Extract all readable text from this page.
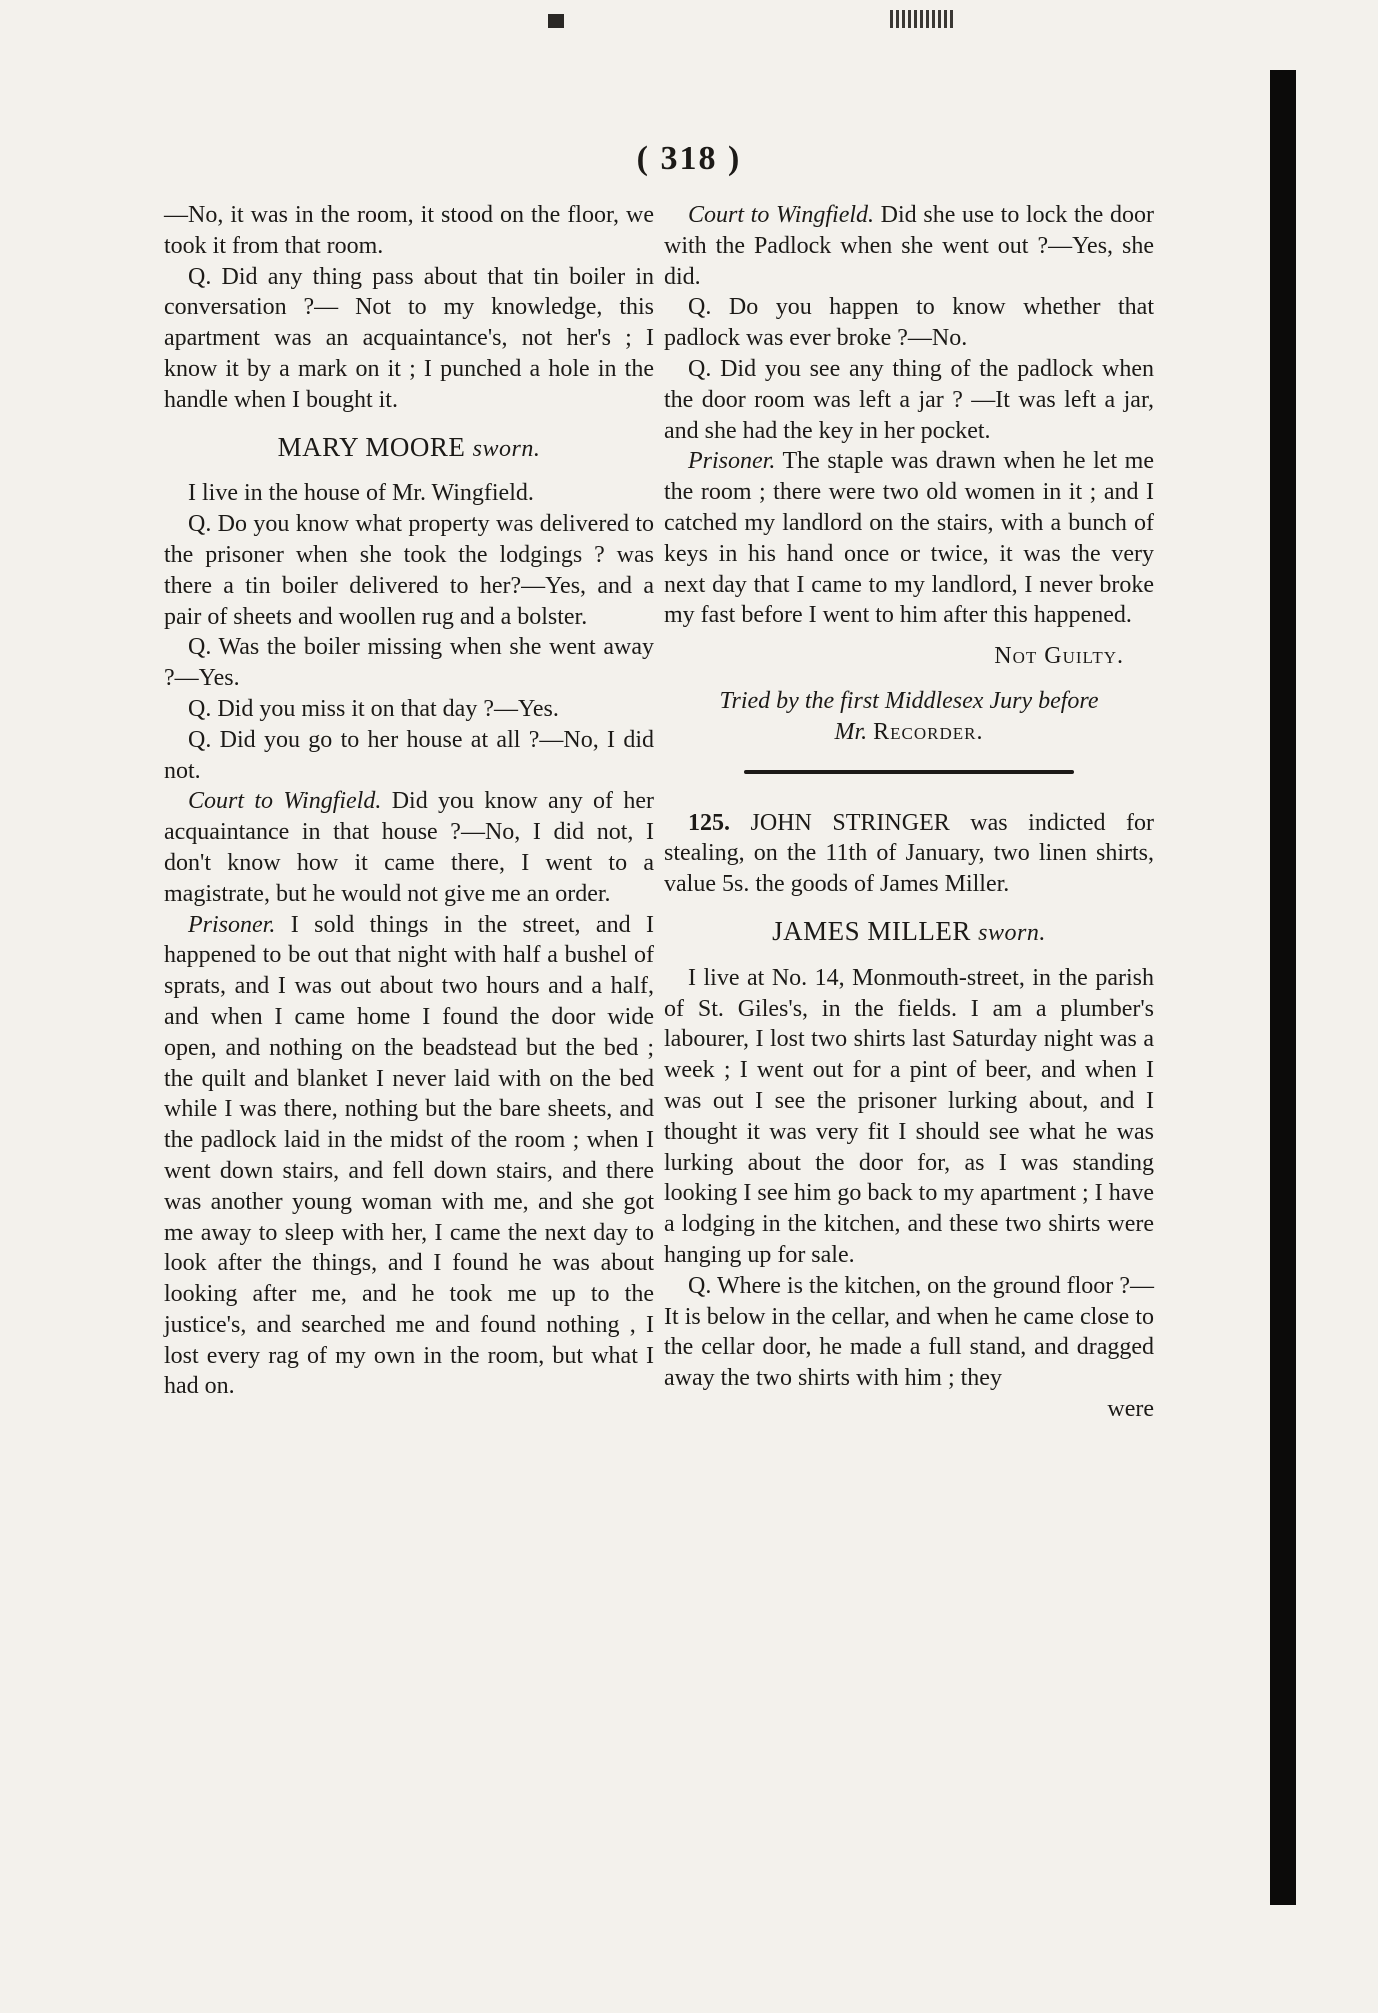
( 318 )

—No, it was in the room, it stood on the floor, we took it from that room.

Q. Did any thing pass about that tin boiler in conversation ?— Not to my knowledge, this apartment was an acquaintance's, not her's ; I know it by a mark on it ; I punched a hole in the handle when I bought it.

MARY MOORE sworn.

I live in the house of Mr. Wingfield.

Q. Do you know what property was delivered to the prisoner when she took the lodgings ? was there a tin boiler delivered to her?—Yes, and a pair of sheets and woollen rug and a bolster.

Q. Was the boiler missing when she went away ?—Yes.

Q. Did you miss it on that day ?—Yes.

Q. Did you go to her house at all ?—No, I did not.

Court to Wingfield. Did you know any of her acquaintance in that house ?—No, I did not, I don't know how it came there, I went to a magistrate, but he would not give me an order.

Prisoner. I sold things in the street, and I happened to be out that night with half a bushel of sprats, and I was out about two hours and a half, and when I came home I found the door wide open, and nothing on the beadstead but the bed ; the quilt and blanket I never laid with on the bed while I was there, nothing but the bare sheets, and the padlock laid in the midst of the room ; when I went down stairs, and fell down stairs, and there was another young woman with me, and she got me away to sleep with her, I came the next day to look after the things, and I found he was about looking after me, and he took me up to the justice's, and searched me and found nothing , I lost every rag of my own in the room, but what I had on.

Court to Wingfield. Did she use to lock the door with the Padlock when she went out ?—Yes, she did.

Q. Do you happen to know whether that padlock was ever broke ?—No.

Q. Did you see any thing of the padlock when the door room was left a jar ? —It was left a jar, and she had the key in her pocket.

Prisoner. The staple was drawn when he let me the room ; there were two old women in it ; and I catched my landlord on the stairs, with a bunch of keys in his hand once or twice, it was the very next day that I came to my landlord, I never broke my fast before I went to him after this happened.

Not Guilty.

Tried by the first Middlesex Jury before

Mr. Recorder.

125. JOHN STRINGER was indicted for stealing, on the 11th of January, two linen shirts, value 5s. the goods of James Miller.

JAMES MILLER sworn.

I live at No. 14, Monmouth-street, in the parish of St. Giles's, in the fields. I am a plumber's labourer, I lost two shirts last Saturday night was a week ; I went out for a pint of beer, and when I was out I see the prisoner lurking about, and I thought it was very fit I should see what he was lurking about the door for, as I was standing looking I see him go back to my apartment ; I have a lodging in the kitchen, and these two shirts were hanging up for sale.

Q. Where is the kitchen, on the ground floor ?—It is below in the cellar, and when he came close to the cellar door, he made a full stand, and dragged away the two shirts with him ; they

were
